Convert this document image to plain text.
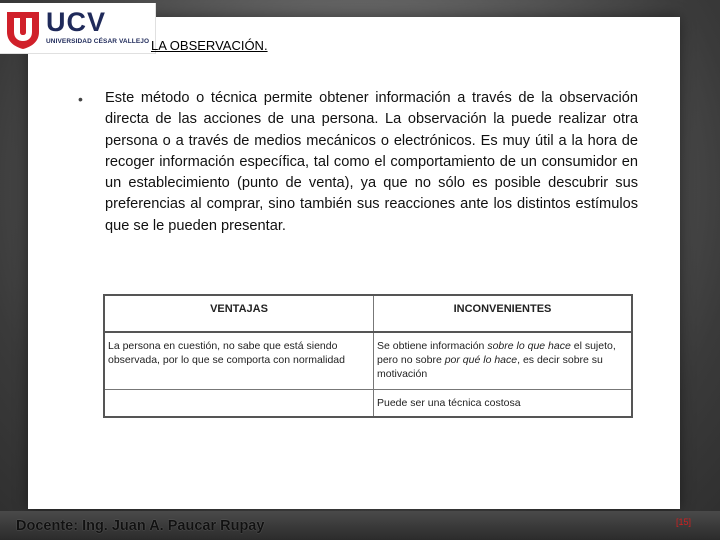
UCV
UNIVERSIDAD CÉSAR VALLEJO LA OBSERVACIÓN.
• Este método o técnica permite obtener información a través de la observación directa de las acciones de una persona. La observación la puede realizar otra persona o a través de medios mecánicos o electrónicos. Es muy útil a la hora de recoger información específica, tal como el comportamiento de un consumidor en un establecimiento (punto de venta), ya que no sólo es posible descubrir sus preferencias al comprar, sino también sus reacciones ante los distintos estímulos que se le pueden presentar.

VENTAJAS	INCONVENIENTES
La persona en cuestión, no sabe que está siendo observada, por lo que se comporta con normalidad	Se obtiene información sobre lo que hace el sujeto, pero no sobre por qué lo hace, es decir sobre su motivación
	Puede ser una técnica costosa
Docente: Ing. Juan A. Paucar Rupay	[15]
